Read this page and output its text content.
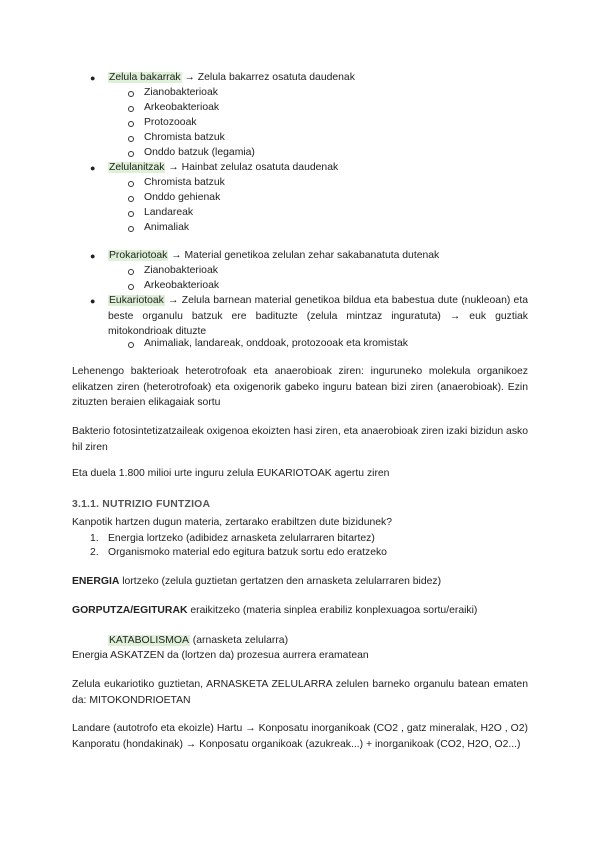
● Zelula bakarrak → Zelula bakarrez osatuta daudenak
Zianobakterioak
Arkeobakterioak
Protozooak
Chromista batzuk
Onddo batzuk (legamia)
● Zelulanitzak → Hainbat zelulaz osatuta daudenak
Chromista batzuk
Onddo gehienak
Landareak
Animaliak
● Prokariotoak → Material genetikoa zelulan zehar sakabanatuta dutenak
Zianobakterioak
Arkeobakterioak
● Eukariotoak → Zelula barnean material genetikoa bildua eta babestua dute (nukleoan) eta beste organulu batzuk ere badituzte (zelula mintzaz inguratuta) → euk guztiak mitokondrioak dituzte
Animaliak, landareak, onddoak, protozooak eta kromistak
Lehenengo bakterioak heterotrofoak eta anaerobioak ziren: inguruneko molekula organikoez elikatzen ziren (heterotrofoak) eta oxigenorik gabeko inguru batean bizi ziren (anaerobioak). Ezin zituzten beraien elikagaiak sortu
Bakterio fotosintetizatzaileak oxigenoa ekoizten hasi ziren, eta anaerobioak ziren izaki bizidun asko hil ziren
Eta duela 1.800 milioi urte inguru zelula EUKARIOTOAK agertu ziren
3.1.1. NUTRIZIO FUNTZIOA
Kanpotik hartzen dugun materia, zertarako erabiltzen dute bizidunek?
1. Energia lortzeko (adibidez arnasketa zelularraren bitartez)
2. Organismoko material edo egitura batzuk sortu edo eratzeko
ENERGIA lortzeko (zelula guztietan gertatzen den arnasketa zelularraren bidez)
GORPUTZA/EGITURAK eraikitzeko (materia sinplea erabiliz konplexuagoa sortu/eraiki)
KATABOLISMOA (arnasketa zelularra)
Energia ASKATZEN da (lortzen da) prozesua aurrera eramatean
Zelula eukariotiko guztietan, ARNASKETA ZELULARRA zelulen barneko organulu batean ematen da: MITOKONDRIOETAN
Landare (autotrofo eta ekoizle) Hartu → Konposatu inorganikoak (CO2 , gatz mineralak, H2O , O2) Kanporatu (hondakinak) → Konposatu organikoak (azukreak...) + inorganikoak (CO2, H2O, O2...)
